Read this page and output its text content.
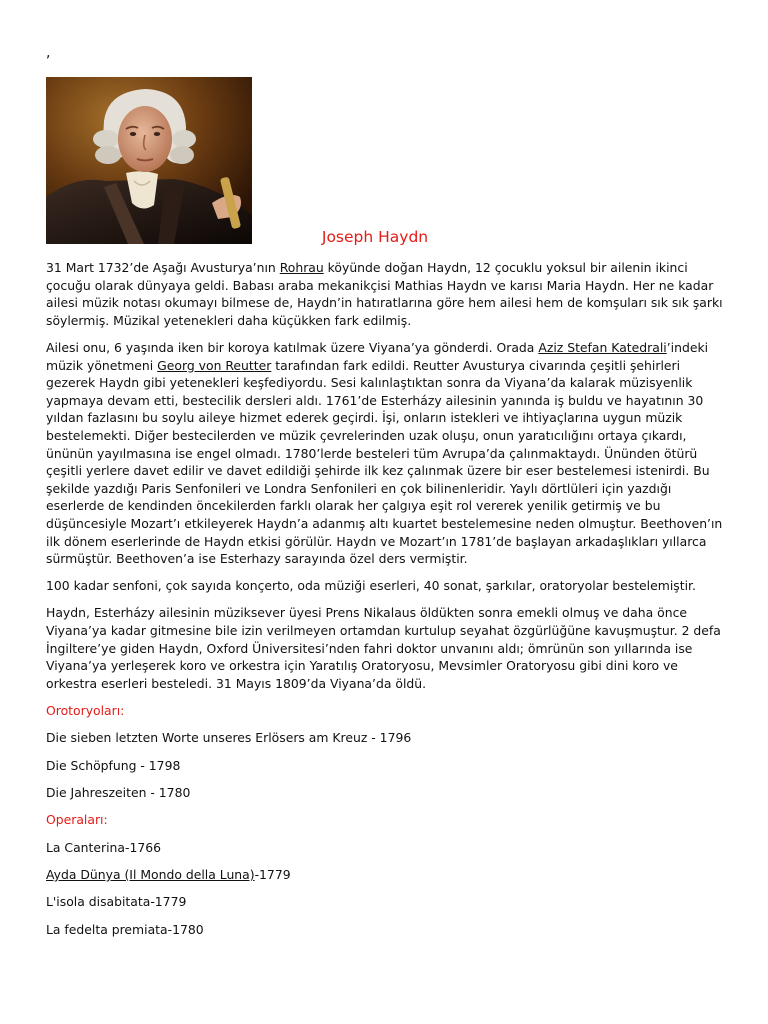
,
Joseph Haydn

31 Mart 1732’de Aşağı Avusturya’nın Rohrau köyünde doğan Haydn, 12 çocuklu yoksul bir ailenin ikinci çocuğu olarak dünyaya geldi. Babası araba mekanikçisi Mathias Haydn ve karısı Maria Haydn. Her ne kadar ailesi müzik notası okumayı bilmese de, Haydn’in hatıratlarına göre hem ailesi hem de komşuları sık sık şarkı söylermiş. Müzikal yetenekleri daha küçükken fark edilmiş.

Ailesi onu, 6 yaşında iken bir koroya katılmak üzere Viyana’ya gönderdi. Orada Aziz Stefan Katedrali’indeki müzik yönetmeni Georg von Reutter tarafından fark edildi. Reutter Avusturya civarında çeşitli şehirleri gezerek Haydn gibi yetenekleri keşfediyordu. Sesi kalınlaştıktan sonra da Viyana’da kalarak müzisyenlik yapmaya devam etti, bestecilik dersleri aldı. 1761’de Esterházy ailesinin yanında iş buldu ve hayatının 30 yıldan fazlasını bu soylu aileye hizmet ederek geçirdi. İşi, onların istekleri ve ihtiyaçlarına uygun müzik bestelemekti. Diğer bestecilerden ve müzik çevrelerinden uzak oluşu, onun yaratıcılığını ortaya çıkardı, ününün yayılmasına ise engel olmadı. 1780’lerde besteleri tüm Avrupa’da çalınmaktaydı. Ününden ötürü çeşitli yerlere davet edilir ve davet edildiği şehirde ilk kez çalınmak üzere bir eser bestelemesi istenirdi. Bu şekilde yazdığı Paris Senfonileri ve Londra Senfonileri en çok bilinenleridir. Yaylı dörtlüleri için yazdığı eserlerde de kendinden öncekilerden farklı olarak her çalgıya eşit rol vererek yenilik getirmiş ve bu düşüncesiyle Mozart’ı etkileyerek Haydn’a adanmış altı kuartet bestelemesine neden olmuştur. Beethoven’ın ilk dönem eserlerinde de Haydn etkisi görülür. Haydn ve Mozart’ın 1781’de başlayan arkadaşlıkları yıllarca sürmüştür. Beethoven’a ise Esterhazy sarayında özel ders vermiştir.

100 kadar senfoni, çok sayıda konçerto, oda müziği eserleri, 40 sonat, şarkılar, oratoryolar bestelemiştir.

Haydn, Esterházy ailesinin müziksever üyesi Prens Nikalaus öldükten sonra emekli olmuş ve daha önce Viyana’ya kadar gitmesine bile izin verilmeyen ortamdan kurtulup seyahat özgürlüğüne kavuşmuştur. 2 defa İngiltere’ye giden Haydn, Oxford Üniversitesi’nden fahri doktor unvanını aldı; ömrünün son yıllarında ise Viyana’ya yerleşerek koro ve orkestra için Yaratılış Oratoryosu, Mevsimler Oratoryosu gibi dini koro ve orkestra eserleri besteledi. 31 Mayıs 1809’da Viyana’da öldü.

Orotoryoları:

Die sieben letzten Worte unseres Erlösers am Kreuz - 1796

Die Schöpfung - 1798

Die Jahreszeiten - 1780

Operaları:

La Canterina-1766

Ayda Dünya (Il Mondo della Luna)-1779

L'isola disabitata-1779

La fedelta premiata-1780
